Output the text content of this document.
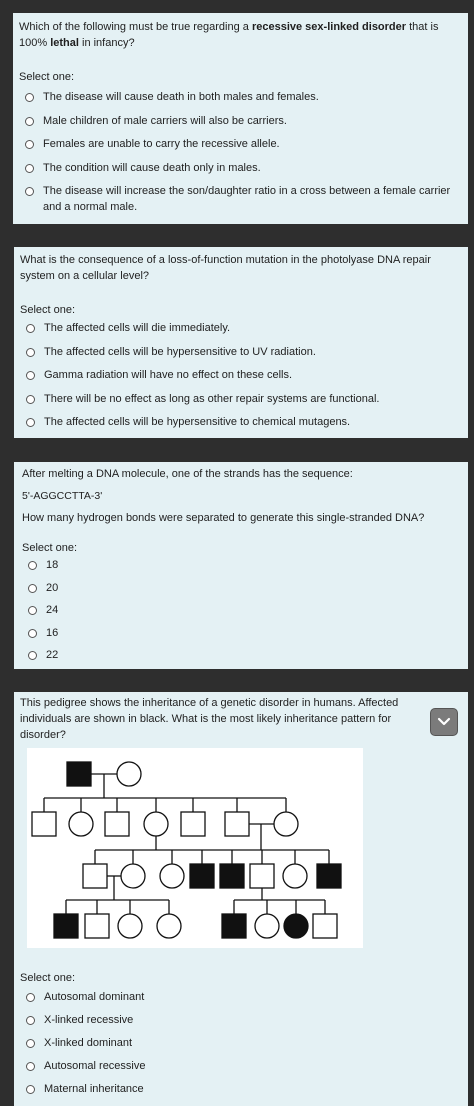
Which of the following must be true regarding a recessive sex-linked disorder that is 100% lethal in infancy?

Select one:
The disease will cause death in both males and females.
Male children of male carriers will also be carriers.
Females are unable to carry the recessive allele.
The condition will cause death only in males.
The disease will increase the son/daughter ratio in a cross between a female carrier and a normal male.

What is the consequence of a loss-of-function mutation in the photolyase DNA repair system on a cellular level?

Select one:
The affected cells will die immediately.
The affected cells will be hypersensitive to UV radiation.
Gamma radiation will have no effect on these cells.
There will be no effect as long as other repair systems are functional.
The affected cells will be hypersensitive to chemical mutagens.

After melting a DNA molecule, one of the strands has the sequence:

5'-AGGCCTTA-3'
How many hydrogen bonds were separated to generate this single-stranded DNA?
Select one:
18
20
24
16
22

This pedigree shows the inheritance of a genetic disorder in humans. Affected individuals are shown in black. What is the most likely inheritance pattern for disorder?

Select one:
Autosomal dominant
X-linked recessive
X-linked dominant
Autosomal recessive
Maternal inheritance
